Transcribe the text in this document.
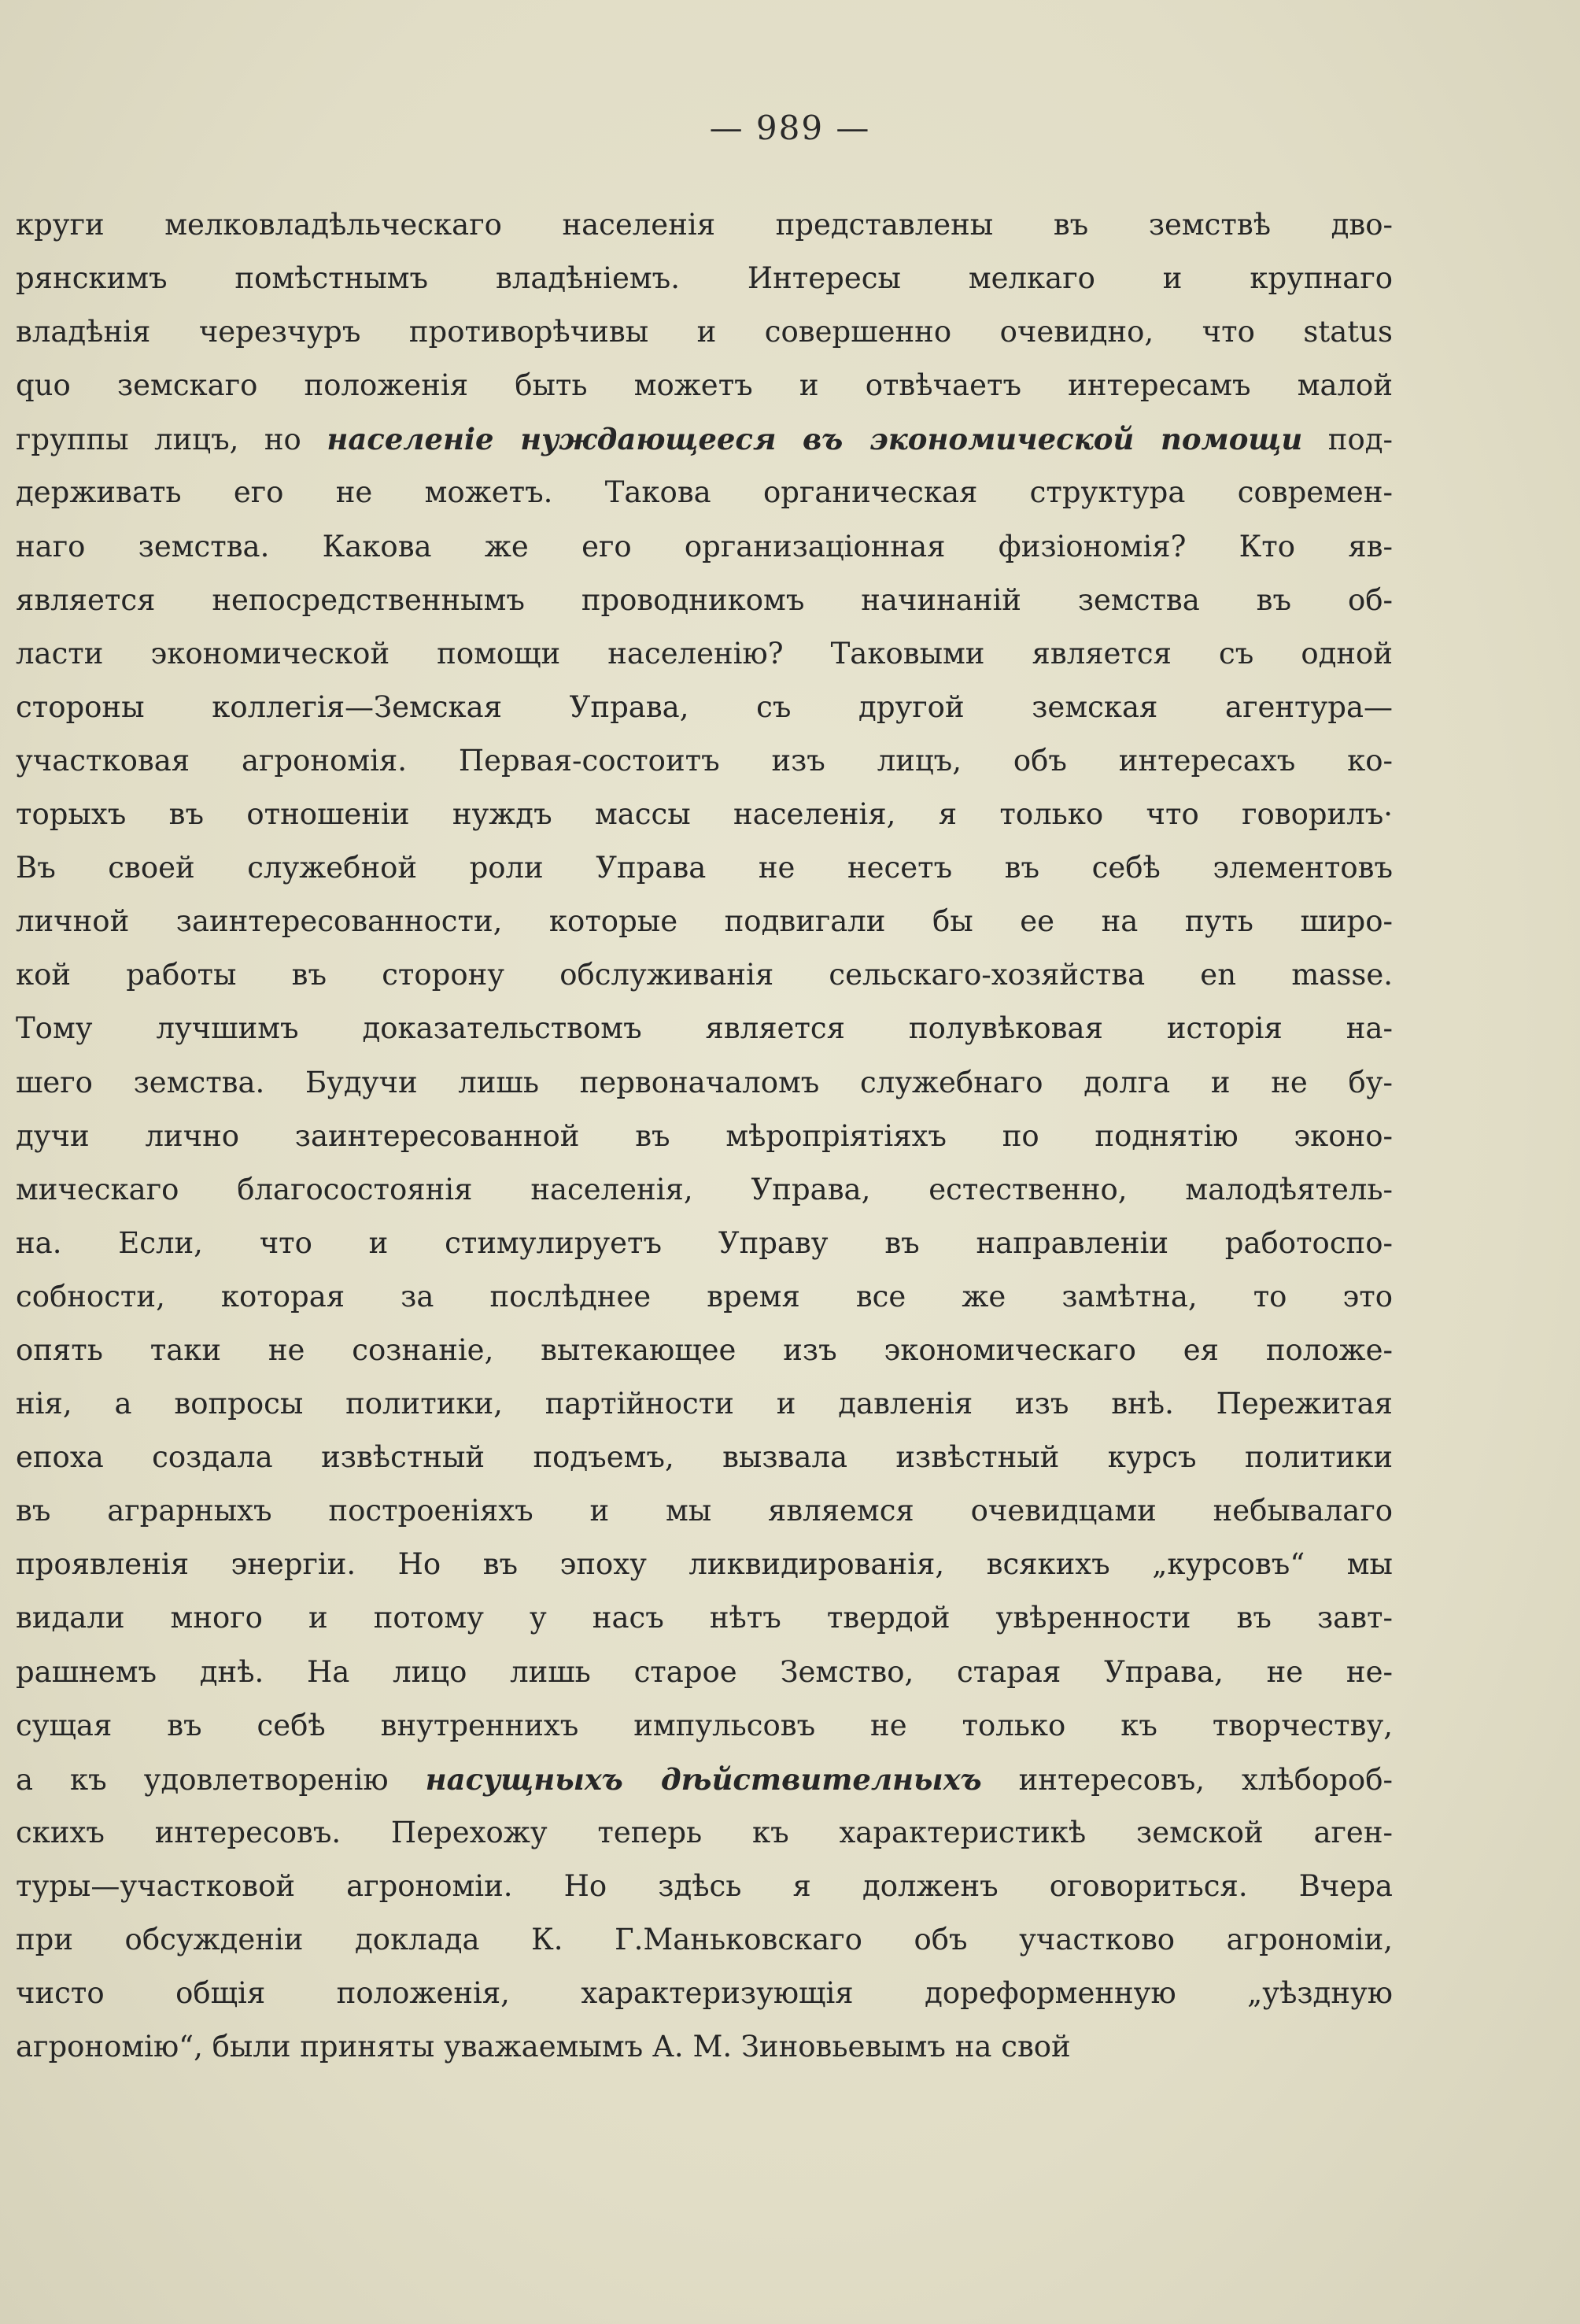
— 989 —
круги мелковладѣльческаго населенія представлены въ земствѣ дво-
рянскимъ помѣстнымъ владѣніемъ. Интересы мелкаго и крупнаго
владѣнія черезчуръ противорѣчивы и совершенно очевидно, что status
quo земскаго положенія быть можетъ и отвѣчаетъ интересамъ малой
группы лицъ, но населеніе нуждающееся въ экономической помощи под-
держивать его не можетъ. Такова органическая структура современ-
наго земства. Какова же его организаціонная физіономія? Кто яв-
является непосредственнымъ проводникомъ начинаній земства въ об-
ласти экономической помощи населенію? Таковыми является съ одной
стороны коллегія—Земская Управа, съ другой земская агентура—
участковая агрономія. Первая-состоитъ изъ лицъ, объ интересахъ ко-
торыхъ въ отношеніи нуждъ массы населенія, я только что говорилъ·
Въ своей служебной роли Управа не несетъ въ себѣ элементовъ
личной заинтересованности, которые подвигали бы ее на путь широ-
кой работы въ сторону обслуживанія сельскаго-хозяйства en masse.
Тому лучшимъ доказательствомъ является полувѣковая исторія на-
шего земства. Будучи лишь первоначаломъ служебнаго долга и не бу-
дучи лично заинтересованной въ мѣропріятіяхъ по поднятію эконо-
мическаго благосостоянія населенія, Управа, естественно, малодѣятель-
на. Если, что и стимулируетъ Управу въ направленіи работоспо-
собности, которая за послѣднее время все же замѣтна, то это
опять таки не сознаніе, вытекающее изъ экономическаго ея положе-
нія, а вопросы политики, партійности и давленія изъ внѣ. Пережитая
епоха создала извѣстный подъемъ, вызвала извѣстный курсъ политики
въ аграрныхъ построеніяхъ и мы являемся очевидцами небывалаго
проявленія энергіи. Но въ эпоху ликвидированія, всякихъ „курсовъ“ мы
видали много и потому у насъ нѣтъ твердой увѣренности въ завт-
рашнемъ днѣ. На лицо лишь старое Земство, старая Управа, не не-
сущая въ себѣ внутреннихъ импульсовъ не только къ творчеству,
а къ удовлетворенію насущныхъ дѣйствителныхъ интересовъ, хлѣбороб-
скихъ интересовъ. Перехожу теперь къ характеристикѣ земской аген-
туры—участковой агрономіи. Но здѣсь я долженъ оговориться. Вчера
при обсужденіи доклада К. Г.Маньковскаго объ участково агрономіи,
чисто общія положенія, характеризующія дореформенную „уѣздную
агрономію“, были приняты уважаемымъ А. М. Зиновьевымъ на свой
